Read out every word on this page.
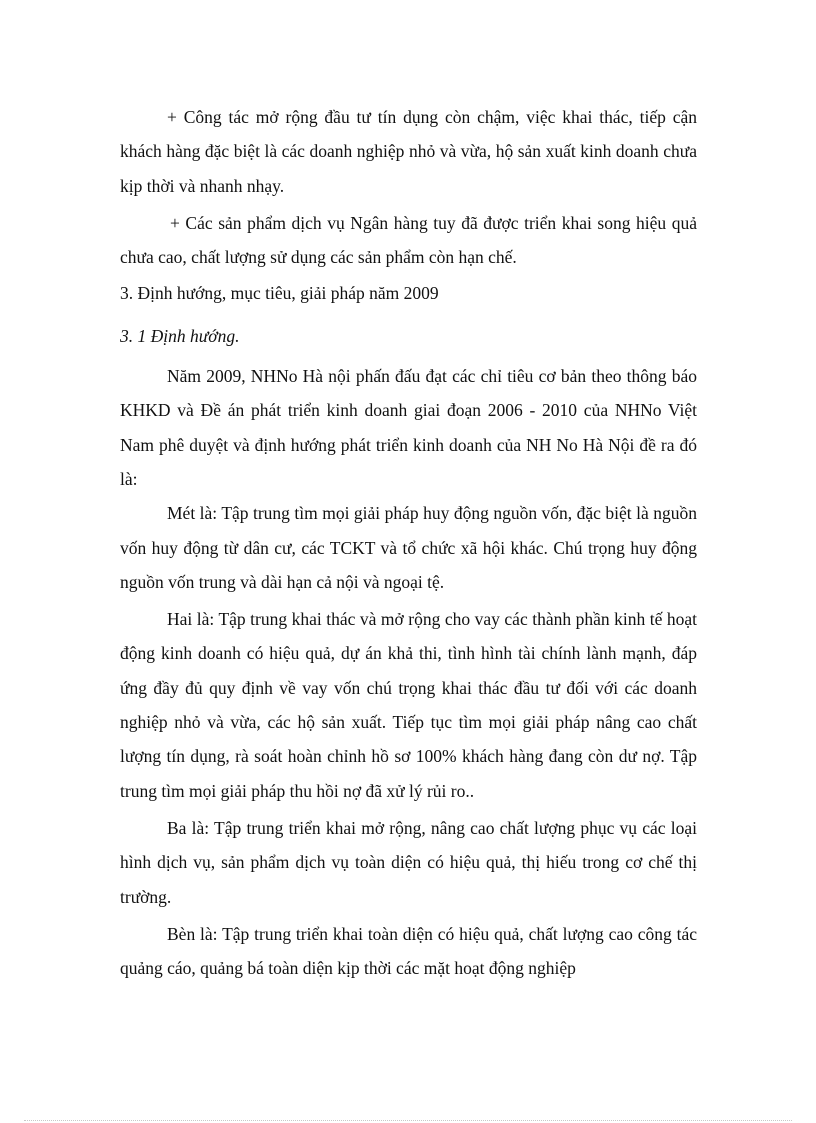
+ Công tác mở rộng đầu tư tín dụng còn chậm, việc khai thác, tiếp cận khách hàng đặc biệt là các doanh nghiệp nhỏ và vừa, hộ sản xuất kinh doanh chưa kịp thời và nhanh nhạy.

+ Các sản phẩm dịch vụ Ngân hàng tuy đã được triển khai song hiệu quả chưa cao, chất lượng sử dụng các sản phẩm còn hạn chế.

3. Định hướng, mục tiêu, giải pháp năm 2009

3. 1 Định hướng.

Năm 2009, NHNo Hà nội phấn đấu đạt các chỉ tiêu cơ bản theo thông báo KHKD và Đề án phát triển kinh doanh giai đoạn 2006 - 2010 của NHNo Việt Nam phê duyệt và định hướng phát triển kinh doanh của NH No Hà Nội đề ra đó là:

Mét là: Tập trung tìm mọi giải pháp huy động nguồn vốn, đặc biệt là nguồn vốn huy động từ dân cư, các TCKT và tổ chức xã hội khác. Chú trọng huy động nguồn vốn trung và dài hạn cả nội và ngoại tệ.

Hai là: Tập trung khai thác và mở rộng cho vay các thành phần kinh tế hoạt động kinh doanh có hiệu quả, dự án khả thi, tình hình tài chính lành mạnh, đáp ứng đầy đủ quy định về vay vốn chú trọng khai thác đầu tư đối với các doanh nghiệp nhỏ và vừa, các hộ sản xuất. Tiếp tục tìm mọi giải pháp nâng cao chất lượng tín dụng, rà soát hoàn chỉnh hồ sơ 100% khách hàng đang còn dư nợ. Tập trung tìm mọi giải pháp thu hồi nợ đã xử lý rủi ro..

Ba là: Tập trung triển khai mở rộng, nâng cao chất lượng phục vụ các loại hình dịch vụ, sản phẩm dịch vụ toàn diện có hiệu quả, thị hiếu trong cơ chế thị trường.

Bèn là: Tập trung triển khai toàn diện có hiệu quả, chất lượng cao công tác quảng cáo, quảng bá toàn diện kịp thời các mặt hoạt động nghiệp
